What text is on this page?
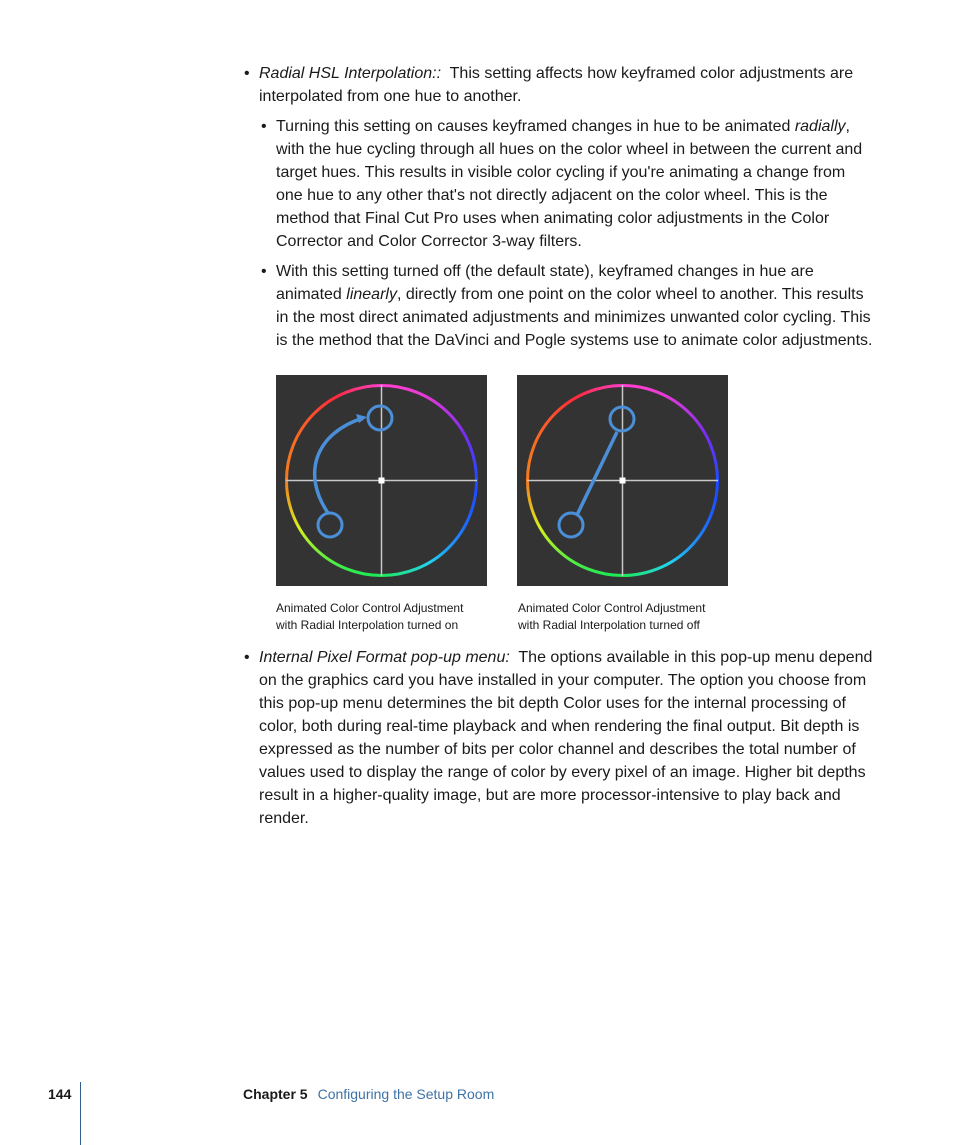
• Radial HSL Interpolation:: This setting affects how keyframed color adjustments are interpolated from one hue to another.

• Turning this setting on causes keyframed changes in hue to be animated radially, with the hue cycling through all hues on the color wheel in between the current and target hues. This results in visible color cycling if you're animating a change from one hue to any other that's not directly adjacent on the color wheel. This is the method that Final Cut Pro uses when animating color adjustments in the Color Corrector and Color Corrector 3-way filters.

• With this setting turned off (the default state), keyframed changes in hue are animated linearly, directly from one point on the color wheel to another. This results in the most direct animated adjustments and minimizes unwanted color cycling. This is the method that the DaVinci and Pogle systems use to animate color adjustments.

Animated Color Control Adjustment
with Radial Interpolation turned on
Animated Color Control Adjustment
with Radial Interpolation turned off
• Internal Pixel Format pop-up menu: The options available in this pop-up menu depend on the graphics card you have installed in your computer. The option you choose from this pop-up menu determines the bit depth Color uses for the internal processing of color, both during real-time playback and when rendering the final output. Bit depth is expressed as the number of bits per color channel and describes the total number of values used to display the range of color by every pixel of an image. Higher bit depths result in a higher-quality image, but are more processor-intensive to play back and render.

144	Chapter 5 Configuring the Setup Room
